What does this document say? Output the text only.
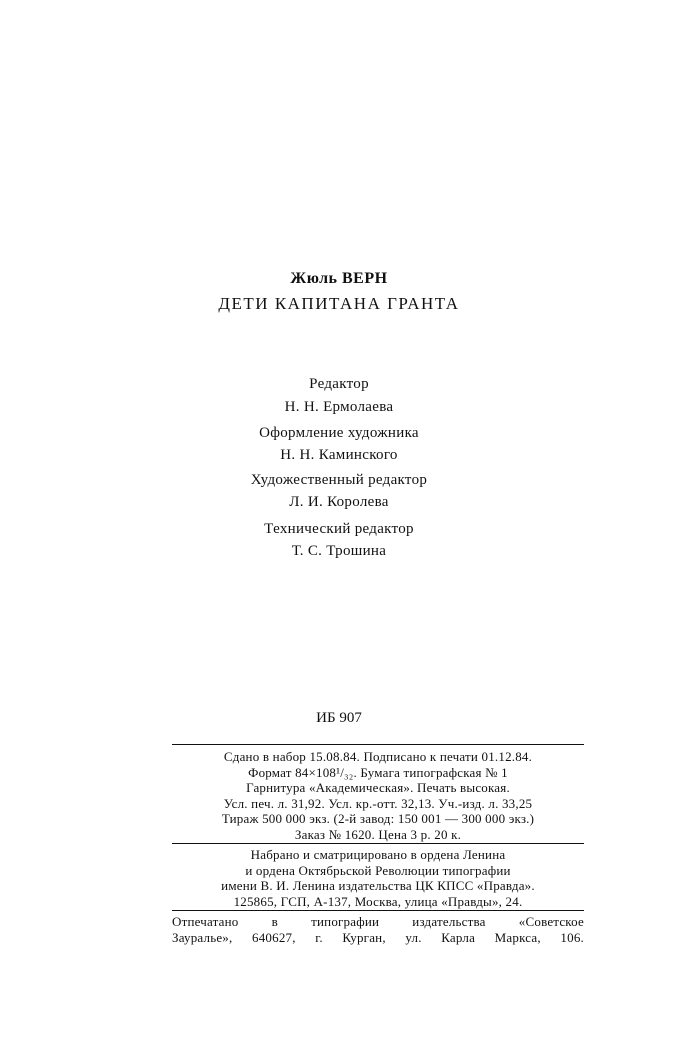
Жюль ВЕРН
ДЕТИ КАПИТАНА ГРАНТА
Редактор
Н. Н. Ермолаева
Оформление художника
Н. Н. Каминского
Художественный редактор
Л. И. Королева
Технический редактор
Т. С. Трошина
ИБ 907
Сдано в набор 15.08.84. Подписано к печати 01.12.84.
Формат 84×108¹/₃₂. Бумага типографская № 1
Гарнитура «Академическая». Печать высокая.
Усл. печ. л. 31,92. Усл. кр.-отт. 32,13. Уч.-изд. л. 33,25
Тираж 500 000 экз. (2-й завод: 150 001 — 300 000 экз.)
Заказ № 1620. Цена 3 р. 20 к.
Набрано и сматрицировано в ордена Ленина
и ордена Октябрьской Революции типографии
имени В. И. Ленина издательства ЦК КПСС «Правда».
125865, ГСП, А-137, Москва, улица «Правды», 24.
Отпечатано в типографии издательства «Советское
Зауралье», 640627, г. Курган, ул. Карла Маркса, 106.
